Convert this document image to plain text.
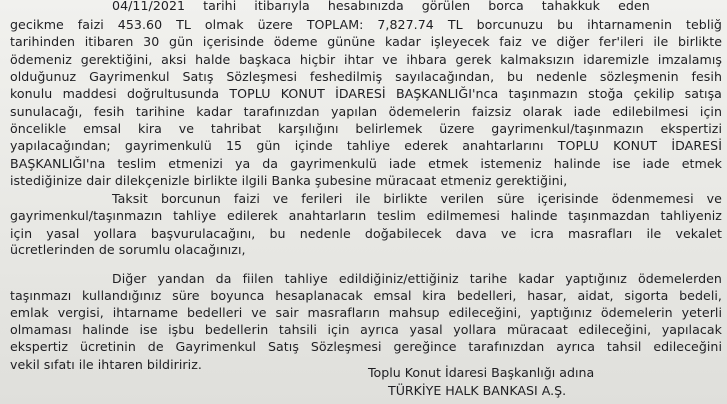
04/11/2021 tarihi itibarıyla hesabınızda görülen borca tahakkuk eden
gecikme faizi 453.60 TL olmak üzere TOPLAM: 7,827.74 TL borcunuzu bu ihtarnamenin tebliğ
tarihinden itibaren 30 gün içerisinde ödeme gününe kadar işleyecek faiz ve diğer fer'ileri ile birlikte
ödemeniz gerektiğini, aksi halde başkaca hiçbir ihtar ve ihbara gerek kalmaksızın idaremizle imzalamış
olduğunuz Gayrimenkul Satış Sözleşmesi feshedilmiş sayılacağından, bu nedenle sözleşmenin fesih
konulu maddesi doğrultusunda TOPLU KONUT İDARESİ BAŞKANLIĞI'nca taşınmazın stoğa çekilip satışa
sunulacağı, fesih tarihine kadar tarafınızdan yapılan ödemelerin faizsiz olarak iade edilebilmesi için
öncelikle emsal kira ve tahribat karşılığını belirlemek üzere gayrimenkul/taşınmazın ekspertizi
yapılacağından; gayrimenkulü 15 gün içinde tahliye ederek anahtarlarını TOPLU KONUT İDARESİ
BAŞKANLIĞI'na teslim etmenizi ya da gayrimenkulü iade etmek istemeniz halinde ise iade etmek
istediğinize dair dilekçenizle birlikte ilgili Banka şubesine müracaat etmeniz gerektiğini,
Taksit borcunun faizi ve ferileri ile birlikte verilen süre içerisinde ödenmemesi ve
gayrimenkul/taşınmazın tahliye edilerek anahtarların teslim edilmemesi halinde taşınmazdan tahliyeniz
için yasal yollara başvurulacağını, bu nedenle doğabilecek dava ve icra masrafları ile vekalet
ücretlerinden de sorumlu olacağınızı,
Diğer yandan da fiilen tahliye edildiğiniz/ettiğiniz tarihe kadar yaptığınız ödemelerden
taşınmazı kullandığınız süre boyunca hesaplanacak emsal kira bedelleri, hasar, aidat, sigorta bedeli,
emlak vergisi, ihtarname bedelleri ve sair masrafların mahsup edileceğini, yaptığınız ödemelerin yeterli
olmaması halinde ise işbu bedellerin tahsili için ayrıca yasal yollara müracaat edileceğini, yapılacak
ekspertiz ücretinin de Gayrimenkul Satış Sözleşmesi gereğince tarafınızdan ayrıca tahsil edileceğini
vekil sıfatı ile ihtaren bildiririz.
Toplu Konut İdaresi Başkanlığı adına
TÜRKİYE HALK BANKASI A.Ş.
